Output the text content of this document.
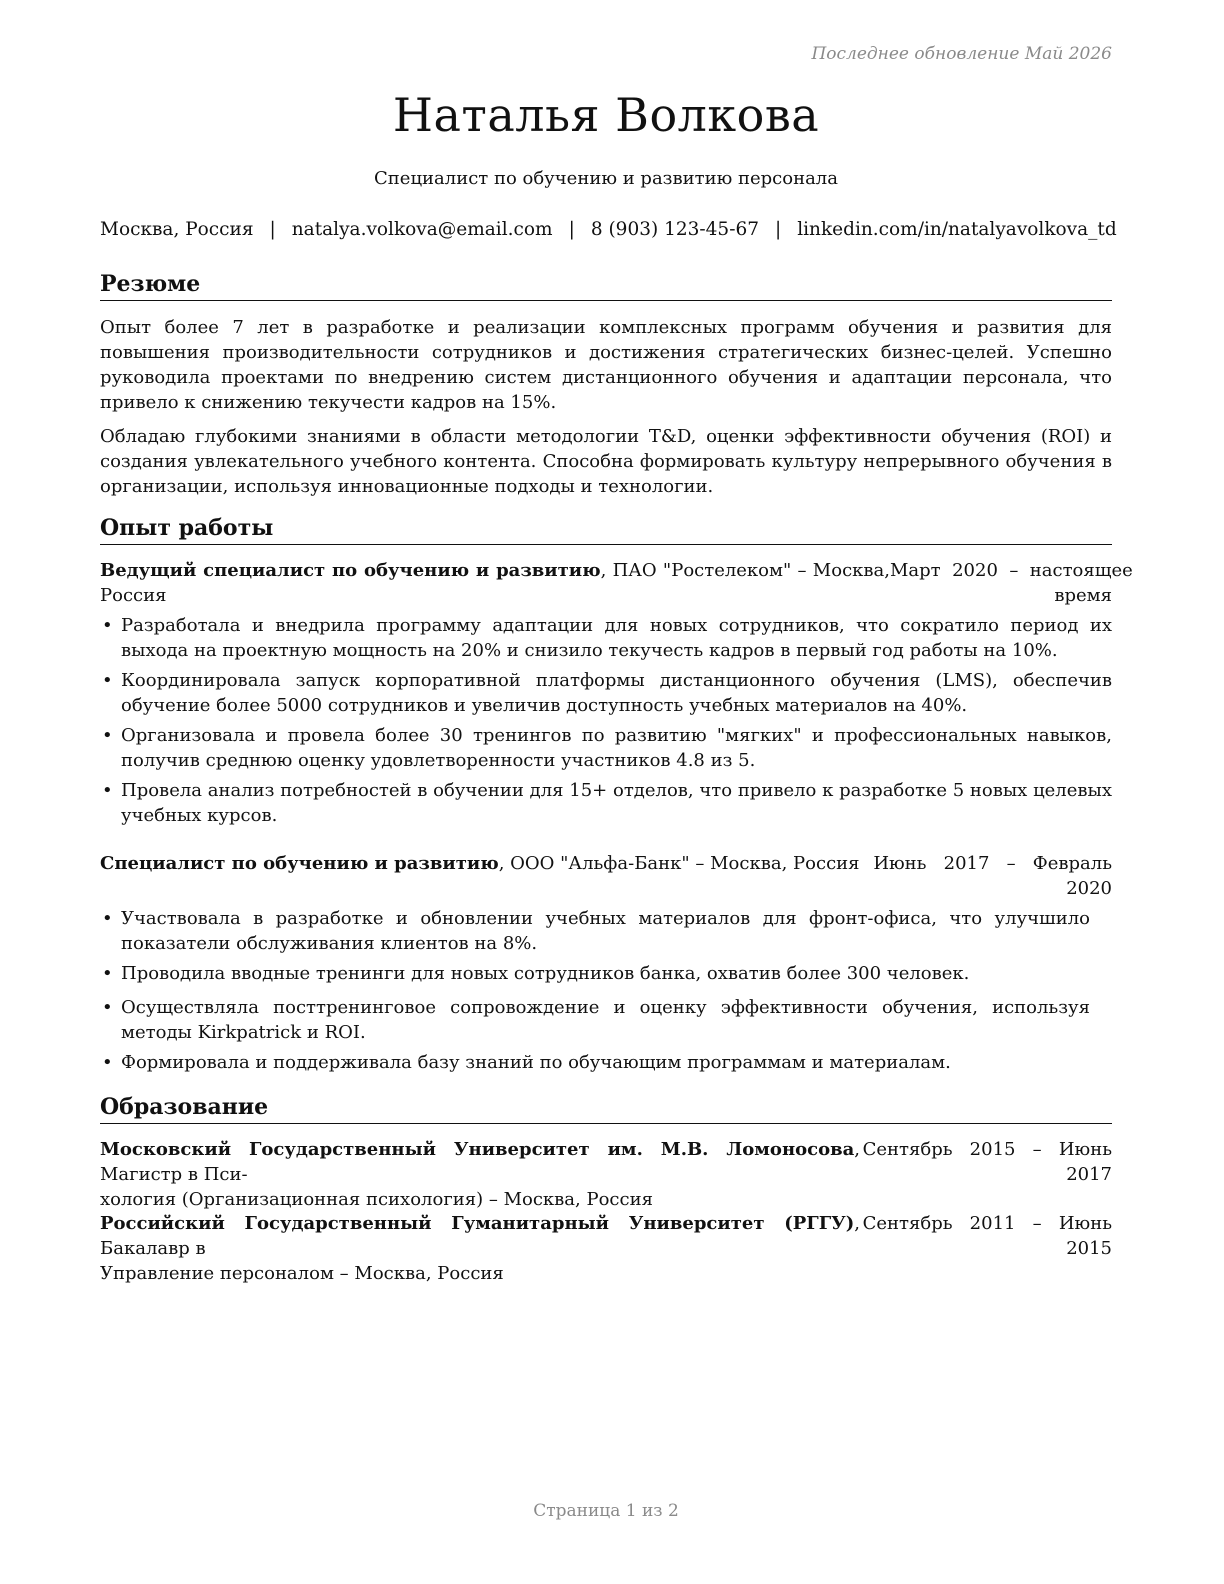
Последнее обновление Май 2026
Наталья Волкова
Специалист по обучению и развитию персонала
Москва, Россия | natalya.volkova@email.com | 8 (903) 123-45-67 | linkedin.com/in/natalyavolkova_td
Резюме
Опыт более 7 лет в разработке и реализации комплексных программ обучения и развития для повышения производительности сотрудников и достижения стратегических бизнес-целей. Успешно руководила проектами по внедрению систем дистанционного обучения и адаптации персонала, что привело к снижению текучести кадров на 15%.
Обладаю глубокими знаниями в области методологии T&D, оценки эффективности обучения (ROI) и создания увлекательного учебного контента. Способна формировать культуру непрерывного обучения в организации, используя инновационные подходы и технологии.
Опыт работы
Ведущий специалист по обучению и развитию, ПАО "Ростелеком" – Москва, Россия
Март  2020  –  настоящее
время
• Разработала и внедрила программу адаптации для новых сотрудников, что сократило период их выхода на проектную мощность на 20% и снизило текучесть кадров в первый год работы на 10%.
• Координировала запуск корпоративной платформы дистанционного обучения (LMS), обеспечив обучение более 5000 сотрудников и увеличив доступность учебных материалов на 40%.
• Организовала и провела более 30 тренингов по развитию "мягких" и профессиональных навыков, получив среднюю оценку удовлетворенности участников 4.8 из 5.
• Провела анализ потребностей в обучении для 15+ отделов, что привело к разработке 5 новых целевых учебных курсов.
Специалист по обучению и развитию, ООО "Альфа-Банк" – Москва, Россия Июнь   2017   –   Февраль
2020
• Участвовала в разработке и обновлении учебных материалов для фронт-офиса, что улучшило показатели обслуживания клиентов на 8%.
• Проводила вводные тренинги для новых сотрудников банка, охватив более 300 человек.
• Осуществляла посттренинговое сопровождение и оценку эффективности обучения, используя методы Kirkpatrick и ROI.
• Формировала и поддерживала базу знаний по обучающим программам и материалам.
Образование
Московский Государственный Университет им. М.В. Ломоносова, Магистр в Пси-
хология (Организационная психология) – Москва, Россия
Сентябрь   2015   –   Июнь
2017
Российский Государственный Гуманитарный Университет (РГГУ), Бакалавр в
Управление персоналом – Москва, Россия
Сентябрь   2011   –   Июнь
2015
Страница 1 из 2
